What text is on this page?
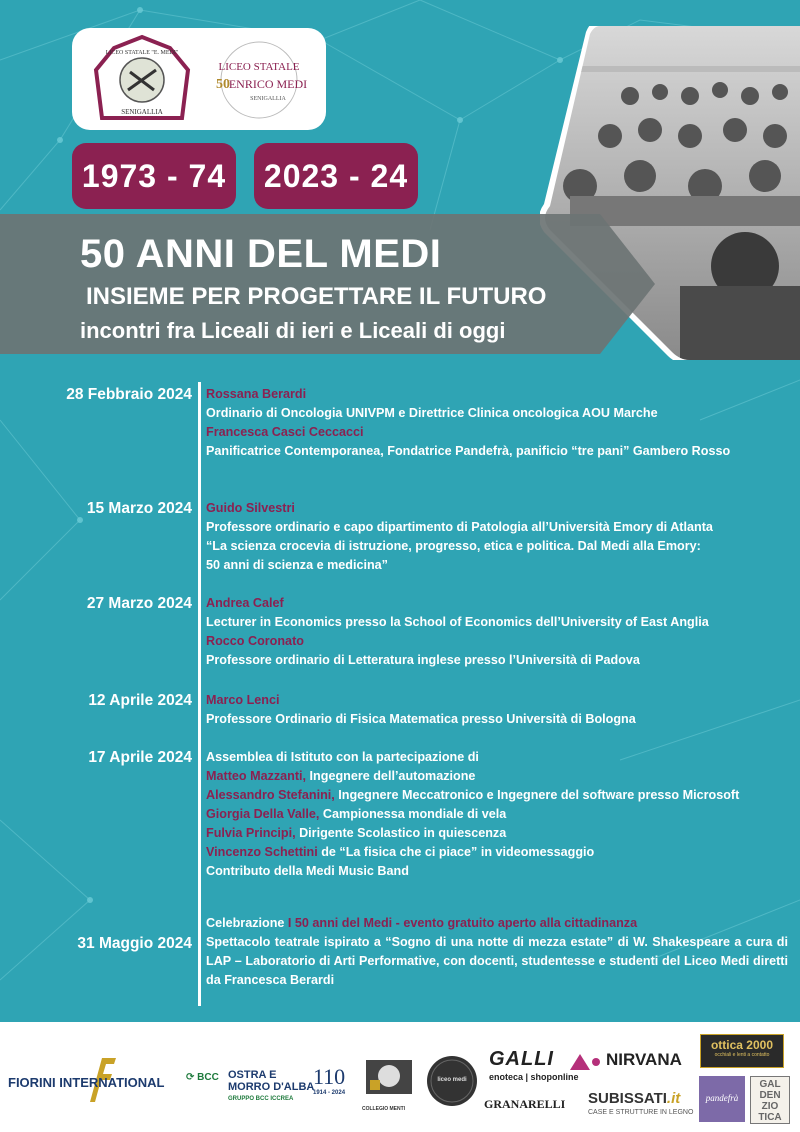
LICEO STATALE "E. MEDI"
SENIGALLIA
LICEO STATALE
50
ENRICO MEDI
SENIGALLIA
1973 - 74	2023 - 24
50 ANNI DEL MEDI
INSIEME PER PROGETTARE IL FUTURO
incontri fra Liceali di ieri e Liceali di oggi
28 Febbraio 2024 Rossana Berardi
Ordinario di Oncologia UNIVPM e Direttrice Clinica oncologica AOU Marche
Francesca Casci Ceccacci
Panificatrice Contemporanea, Fondatrice Pandefrà, panificio “tre pani” Gambero Rosso
15 Marzo 2024 Guido Silvestri
Professore ordinario e capo dipartimento di Patologia all’Università Emory di Atlanta
“La scienza crocevia di istruzione, progresso, etica e politica. Dal Medi alla Emory:
50 anni di scienza e medicina”
27 Marzo 2024 Andrea Calef
Lecturer in Economics presso la School of Economics dell’University of East Anglia
Rocco Coronato
Professore ordinario di Letteratura inglese presso l’Università di Padova
12 Aprile 2024 Marco Lenci
Professore Ordinario di Fisica Matematica presso Università di Bologna
17 Aprile 2024 Assemblea di Istituto con la partecipazione di
Matteo Mazzanti, Ingegnere dell’automazione
Alessandro Stefanini, Ingegnere Meccatronico e Ingegnere del software presso Microsoft
Giorgia Della Valle, Campionessa mondiale di vela
Fulvia Principi, Dirigente Scolastico in quiescenza
Vincenzo Schettini de “La fisica che ci piace” in videomessaggio
Contributo della Medi Music Band
31 Maggio 2024
Celebrazione I 50 anni del Medi - evento gratuito aperto alla cittadinanza
Spettacolo teatrale ispirato a “Sogno di una notte di mezza estate” di W. Shakespeare a cura di LAP – Laboratorio di Arti Performative, con docenti, studentesse e studenti del Liceo Medi diretti da Francesca Berardi
FIORINI INTERNATIONAL ⟳ BCC OSTRA E
MORRO D'ALBA
GRUPPO BCC ICCREA
110
1914 - 2024
COLLEGIO MENTI
liceo medi
GALLI
enoteca | shoponline
GRANARELLI
NIRVANA
SUBISSATI.it
CASE E STRUTTURE IN LEGNO
ottica 2000
occhiali e lenti a contatto
pandefrà
GAL
DEN
ZIO
TICA
